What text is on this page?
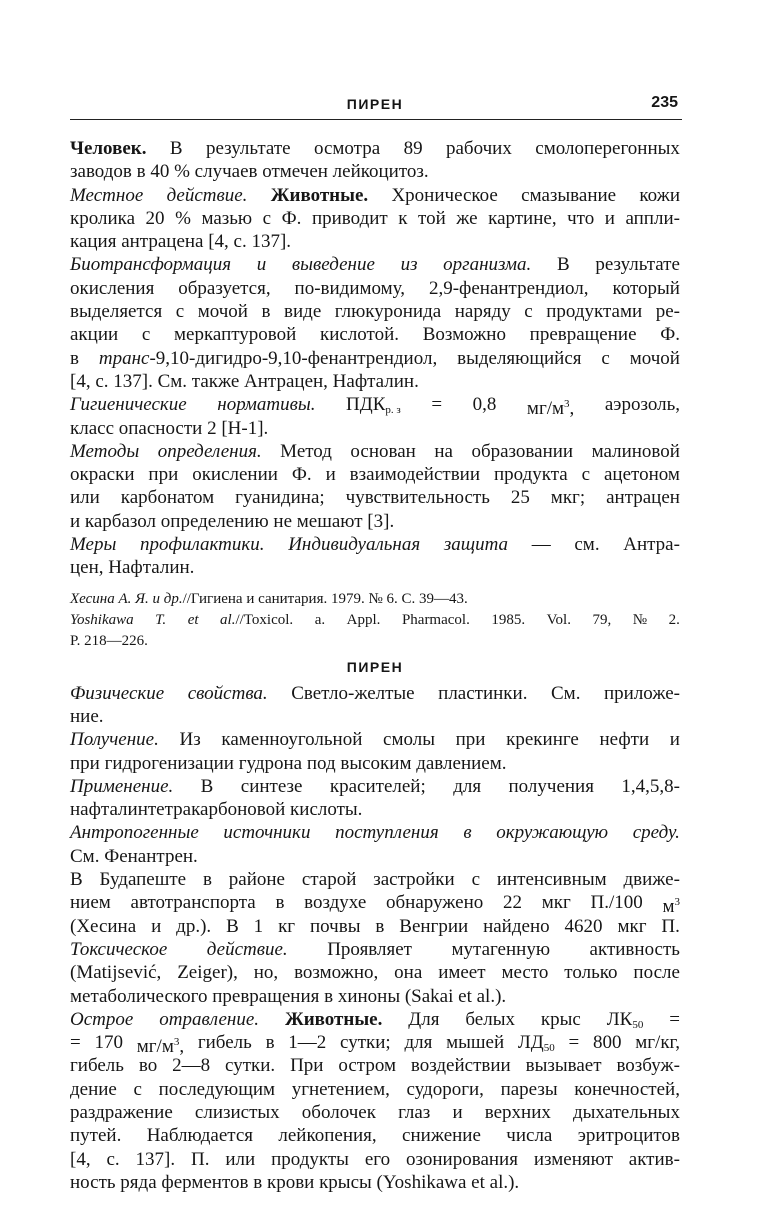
ПИРЕН	235
Человек. В результате осмотра 89 рабочих смолоперегонных
заводов в 40 % случаев отмечен лейкоцитоз.
Местное действие. Животные. Хроническое смазывание кожи
кролика 20 % мазью с Ф. приводит к той же картине, что и аппли-
кация антрацена [4, с. 137].
Биотрансформация и выведение из организма. В результате
окисления образуется, по-видимому, 2,9-фенантрендиол, который
выделяется с мочой в виде глюкуронида наряду с продуктами ре-
акции с меркаптуровой кислотой. Возможно превращение Ф.
в транс-9,10-дигидро-9,10-фенантрендиол, выделяющийся с мочой
[4, с. 137]. См. также Антрацен, Нафталин.
Гигиенические нормативы. $ПДК_{р. з} = 0,8$ $мг/м^3$, аэрозоль,
класс опасности 2 [Н-1].
Методы определения. Метод основан на образовании малиновой
окраски при окислении Ф. и взаимодействии продукта с ацетоном
или карбонатом гуанидина; чувствительность 25 мкг; антрацен
и карбазол определению не мешают [3].
Меры профилактики. Индивидуальная защита — см. Антра-
цен, Нафталин.
Хесина А. Я. и др. //Гигиена и санитария. 1979. № 6. С. 39—43.
Yoshikawa T. et al.//Toxicol. a. Appl. Pharmacol. 1985. Vol. 79, № 2.
P. 218—226.
ПИРЕН
Физические свойства. Светло-желтые пластинки. См. приложе-
ние.
Получение. Из каменноугольной смолы при крекинге нефти и
при гидрогенизации гудрона под высоким давлением.
Применение. В синтезе красителей; для получения 1,4,5,8-
нафталинтетракарбоновой кислоты.
Антропогенные источники поступления в окружающую среду.
См. Фенантрен.
В Будапеште в районе старой застройки с интенсивным движе-
нием автотранспорта в воздухе обнаружено 22 мкг П./100 $м^3$
(Хесина и др.). В 1 кг почвы в Венгрии найдено 4620 мкг П.
Токсическое действие. Проявляет мутагенную активность
(Matijsević, Zeiger), но, возможно, она имеет место только после
метаболического превращения в хиноны (Sakai et al.).
Острое отравление. Животные. Для белых крыс $ЛК_{50}$ =
= 170 $мг/м^3$, гибель в 1—2 сутки; для мышей $ЛД_{50} = 800$ мг/кг,
гибель во 2—8 сутки. При остром воздействии вызывает возбуж-
дение с последующим угнетением, судороги, парезы конечностей,
раздражение слизистых оболочек глаз и верхних дыхательных
путей. Наблюдается лейкопения, снижение числа эритроцитов
[4, с. 137]. П. или продукты его озонирования изменяют актив-
ность ряда ферментов в крови крысы (Yoshikawa et al.).
